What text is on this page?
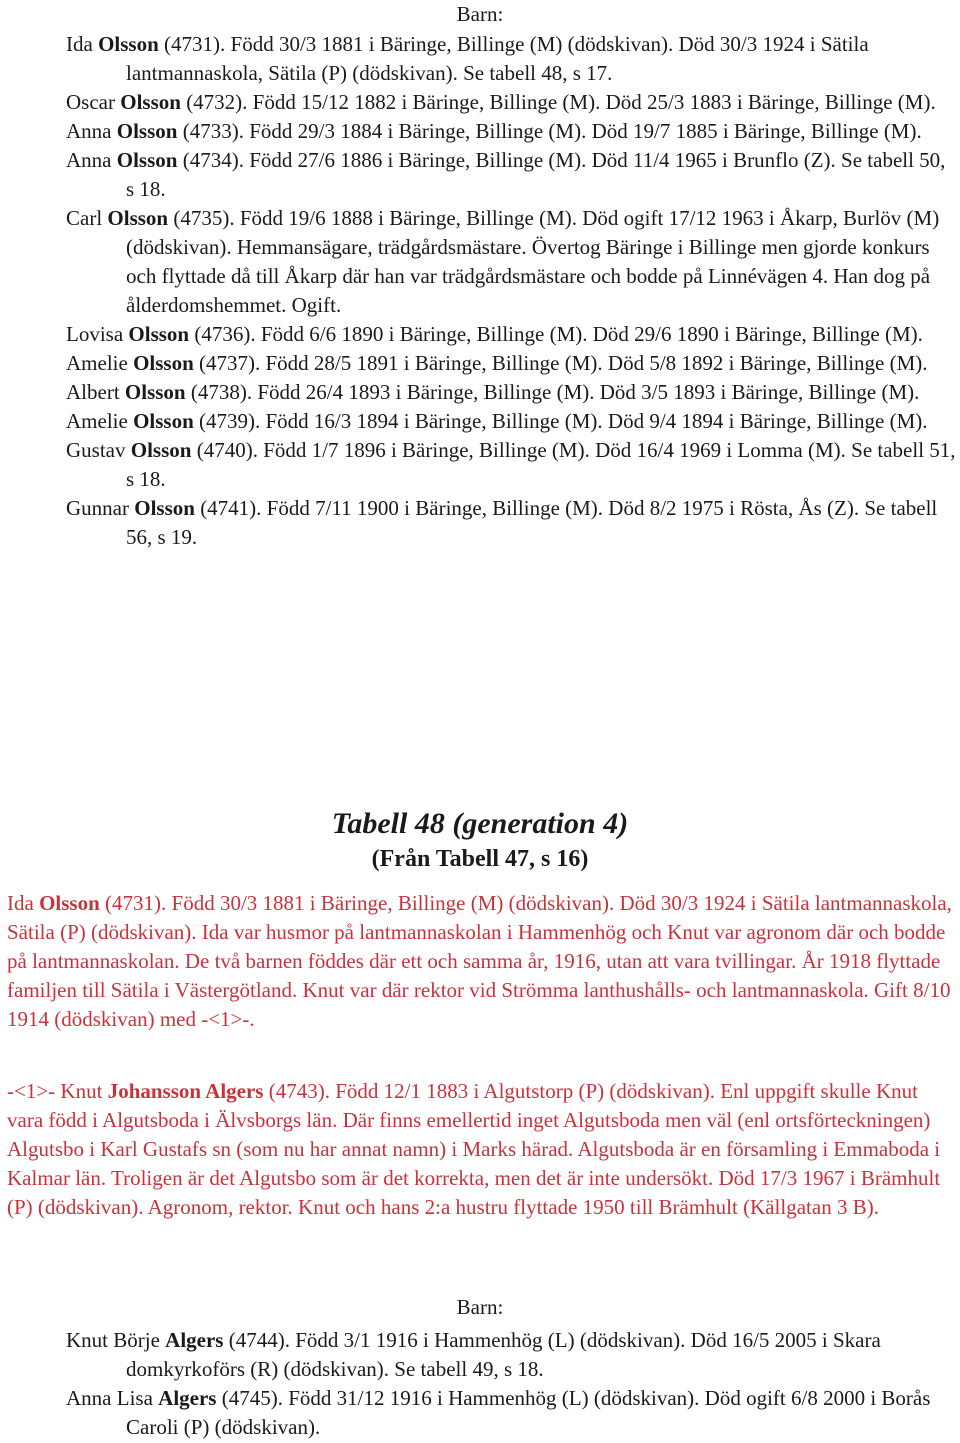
Barn:

Ida Olsson (4731). Född 30/3 1881 i Bäringe, Billinge (M) (dödskivan). Död 30/3 1924 i Sätila lantmannaskola, Sätila (P) (dödskivan). Se tabell 48, s 17.

Oscar Olsson (4732). Född 15/12 1882 i Bäringe, Billinge (M). Död 25/3 1883 i Bäringe, Billinge (M).

Anna Olsson (4733). Född 29/3 1884 i Bäringe, Billinge (M). Död 19/7 1885 i Bäringe, Billinge (M).

Anna Olsson (4734). Född 27/6 1886 i Bäringe, Billinge (M). Död 11/4 1965 i Brunflo (Z). Se tabell 50, s 18.

Carl Olsson (4735). Född 19/6 1888 i Bäringe, Billinge (M). Död ogift 17/12 1963 i Åkarp, Burlöv (M) (dödskivan). Hemmansägare, trädgårdsmästare. Övertog Bäringe i Billinge men gjorde konkurs och flyttade då till Åkarp där han var trädgårdsmästare och bodde på Linnévägen 4. Han dog på ålderdomshemmet. Ogift.

Lovisa Olsson (4736). Född 6/6 1890 i Bäringe, Billinge (M). Död 29/6 1890 i Bäringe, Billinge (M).

Amelie Olsson (4737). Född 28/5 1891 i Bäringe, Billinge (M). Död 5/8 1892 i Bäringe, Billinge (M).

Albert Olsson (4738). Född 26/4 1893 i Bäringe, Billinge (M). Död 3/5 1893 i Bäringe, Billinge (M).

Amelie Olsson (4739). Född 16/3 1894 i Bäringe, Billinge (M). Död 9/4 1894 i Bäringe, Billinge (M).

Gustav Olsson (4740). Född 1/7 1896 i Bäringe, Billinge (M). Död 16/4 1969 i Lomma (M). Se tabell 51, s 18.

Gunnar Olsson (4741). Född 7/11 1900 i Bäringe, Billinge (M). Död 8/2 1975 i Rösta, Ås (Z). Se tabell 56, s 19.

Tabell 48 (generation 4)
(Från Tabell 47, s 16)

Ida Olsson (4731). Född 30/3 1881 i Bäringe, Billinge (M) (dödskivan). Död 30/3 1924 i Sätila lantmannaskola, Sätila (P) (dödskivan). Ida var husmor på lantmannaskolan i Hammenhög och Knut var agronom där och bodde på lantmannaskolan. De två barnen föddes där ett och samma år, 1916, utan att vara tvillingar. År 1918 flyttade familjen till Sätila i Västergötland. Knut var där rektor vid Strömma lanthushålls- och lantmannaskola. Gift 8/10 1914 (dödskivan) med -<1>-.

-<1>- Knut Johansson Algers (4743). Född 12/1 1883 i Algutstorp (P) (dödskivan). Enl uppgift skulle Knut vara född i Algutsboda i Älvsborgs län. Där finns emellertid inget Algutsboda men väl (enl ortsförteckningen) Algutsbo i Karl Gustafs sn (som nu har annat namn) i Marks härad. Algutsboda är en församling i Emmaboda i Kalmar län. Troligen är det Algutsbo som är det korrekta, men det är inte undersökt. Död 17/3 1967 i Brämhult (P) (dödskivan). Agronom, rektor. Knut och hans 2:a hustru flyttade 1950 till Brämhult (Källgatan 3 B).

Barn:

Knut Börje Algers (4744). Född 3/1 1916 i Hammenhög (L) (dödskivan). Död 16/5 2005 i Skara domkyrkoförs (R) (dödskivan). Se tabell 49, s 18.

Anna Lisa Algers (4745). Född 31/12 1916 i Hammenhög (L) (dödskivan). Död ogift 6/8 2000 i Borås Caroli (P) (dödskivan).
